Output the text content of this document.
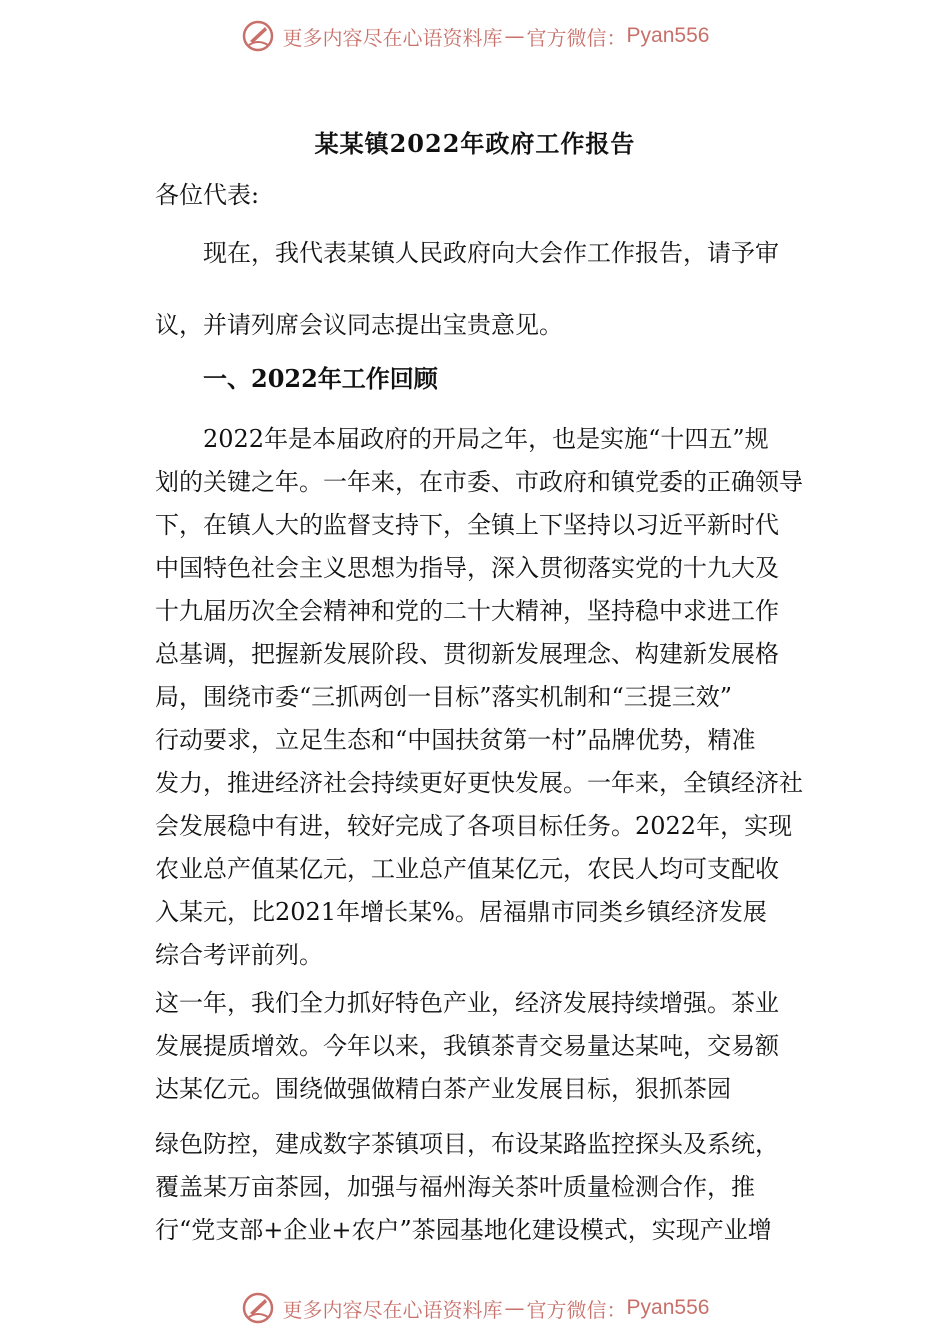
更多内容尽在心语资料库 — 官方微信： Pyan556
某某镇2022年政府工作报告
各位代表:
　　现在，我代表某镇人民政府向大会作工作报告，请予审
议，并请列席会议同志提出宝贵意见。
　　一、2022年工作回顾
　　2022年是本届政府的开局之年，也是实施“十四五”规
划的关键之年。一年来，在市委、市政府和镇党委的正确领导
下，在镇人大的监督支持下，全镇上下坚持以习近平新时代
中国特色社会主义思想为指导，深入贯彻落实党的十九大及
十九届历次全会精神和党的二十大精神，坚持稳中求进工作
总基调，把握新发展阶段、贯彻新发展理念、构建新发展格
局，围绕市委“三抓两创一目标”落实机制和“三提三效”
行动要求，立足生态和“中国扶贫第一村”品牌优势，精准
发力，推进经济社会持续更好更快发展。一年来，全镇经济社
会发展稳中有进，较好完成了各项目标任务。2022年，实现
农业总产值某亿元，工业总产值某亿元，农民人均可支配收
入某元，比2021年增长某%。居福鼎市同类乡镇经济发展
综合考评前列。
这一年，我们全力抓好特色产业，经济发展持续增强。茶业
发展提质增效。今年以来，我镇茶青交易量达某吨，交易额
达某亿元。围绕做强做精白茶产业发展目标，狠抓茶园
绿色防控，建成数字茶镇项目，布设某路监控探头及系统，
覆盖某万亩茶园，加强与福州海关茶叶质量检测合作，推
行“党支部+企业+农户”茶园基地化建设模式，实现产业增
更多内容尽在心语资料库 — 官方微信： Pyan556
